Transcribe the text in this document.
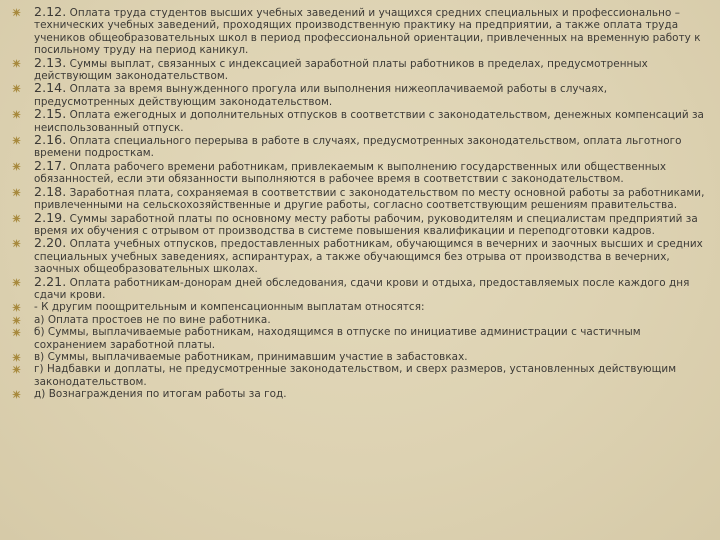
2.12. Оплата труда студентов высших учебных заведений и учащихся средних специальных и профессионально – технических учебных заведений, проходящих производственную практику на предприятии, а также оплата труда учеников общеобразовательных школ в период профессиональной ориентации, привлеченных на временную работу к посильному труду на период каникул.
2.13. Суммы выплат, связанных с индексацией заработной платы работников в пределах, предусмотренных действующим законодательством.
2.14. Оплата за время вынужденного прогула или выполнения нижеоплачиваемой работы в случаях, предусмотренных действующим законодательством.
2.15. Оплата ежегодных и дополнительных отпусков в соответствии с законодательством, денежных компенсаций за неиспользованный отпуск.
2.16. Оплата специального перерыва в работе в случаях, предусмотренных законодательством, оплата льготного времени подросткам.
2.17. Оплата рабочего времени работникам, привлекаемым к выполнению государственных или общественных обязанностей, если эти обязанности выполняются в рабочее время в соответствии с законодательством.
2.18. Заработная плата, сохраняемая в соответствии с законодательством по месту основной работы за работниками, привлеченными на сельскохозяйственные и другие работы, согласно соответствующим решениям правительства.
2.19. Суммы заработной платы по основному месту работы рабочим, руководителям и специалистам предприятий за время их обучения с отрывом от производства в системе повышения квалификации и переподготовки кадров.
2.20. Оплата учебных отпусков, предоставленных работникам, обучающимся в вечерних и заочных высших и средних специальных учебных заведениях, аспирантурах, а также обучающимся без отрыва от производства в вечерних, заочных общеобразовательных школах.
2.21. Оплата работникам-донорам дней обследования, сдачи крови и отдыха, предоставляемых после каждого дня сдачи крови.
- К другим поощрительным и компенсационным выплатам относятся:
а) Оплата простоев не по вине работника.
б) Суммы, выплачиваемые работникам, находящимся в отпуске по инициативе администрации с частичным сохранением заработной платы.
в) Суммы, выплачиваемые работникам, принимавшим участие в забастовках.
г) Надбавки и доплаты, не предусмотренные законодательством, и сверх размеров, установленных действующим законодательством.
д) Вознаграждения по итогам работы за год.
